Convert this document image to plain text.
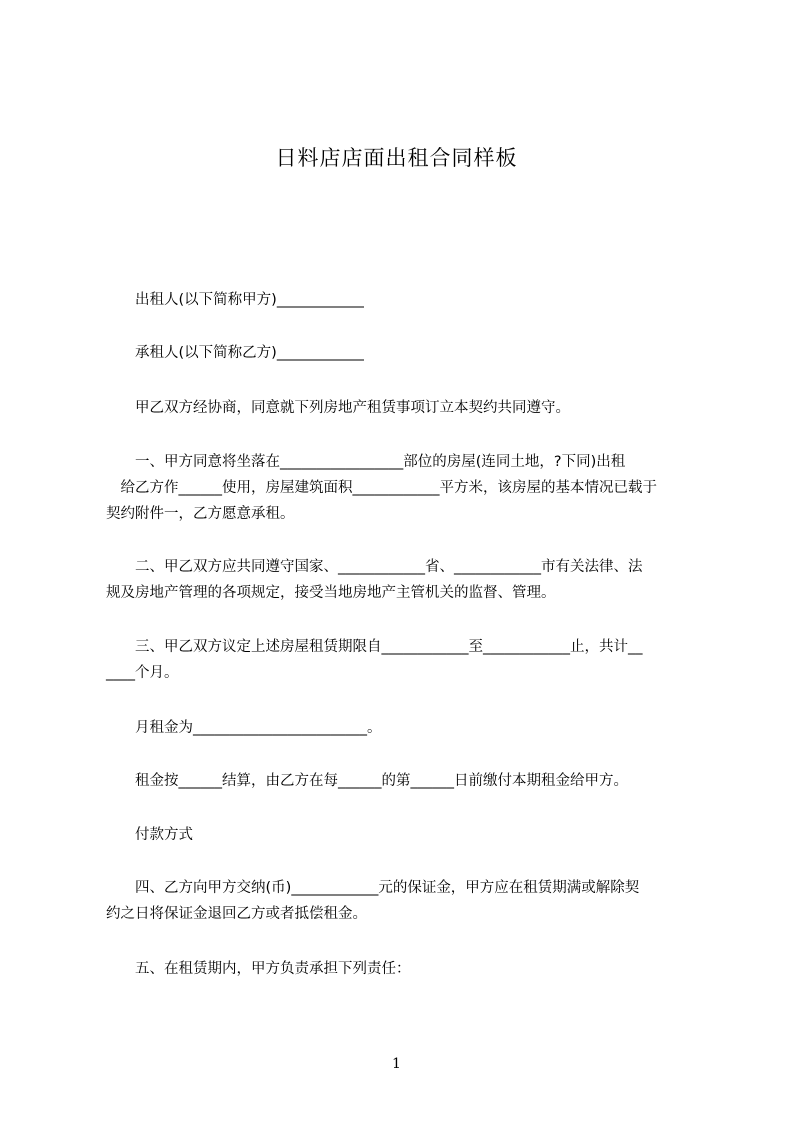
日料店店面出租合同样板
　　出租人(以下简称甲方)____________
　　承租人(以下简称乙方)____________
　　甲乙双方经协商，同意就下列房地产租赁事项订立本契约共同遵守。
　　一、甲方同意将坐落在_________________部位的房屋(连同土地，?下同)出租
　给乙方作______使用，房屋建筑面积____________平方米，该房屋的基本情况已载于
契约附件一，乙方愿意承租。
　　二、甲乙双方应共同遵守国家、____________省、____________市有关法律、法
规及房地产管理的各项规定，接受当地房地产主管机关的监督、管理。
　　三、甲乙双方议定上述房屋租赁期限自____________至____________止，共计__
____个月。
　　月租金为________________________。
　　租金按______结算，由乙方在每______的第______日前缴付本期租金给甲方。
　　付款方式
　　四、乙方向甲方交纳(币)____________元的保证金，甲方应在租赁期满或解除契
约之日将保证金退回乙方或者抵偿租金。
　　五、在租赁期内，甲方负责承担下列责任：
1
